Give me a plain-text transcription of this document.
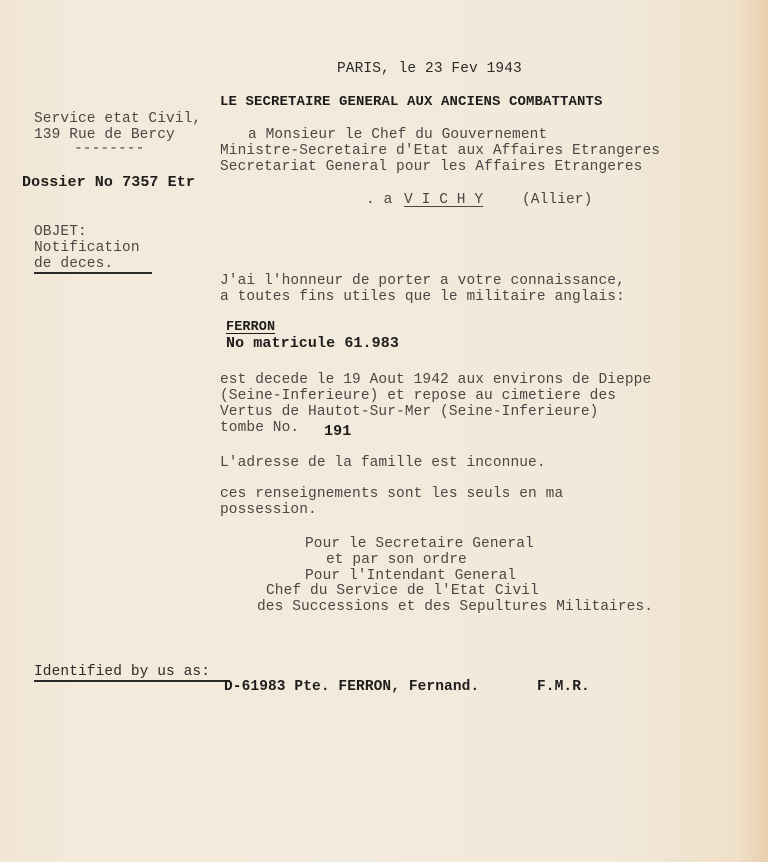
PARIS, le 23 Fev 1943
LE SECRETAIRE GENERAL AUX ANCIENS COMBATTANTS
Service etat Civil,
139 Rue de Bercy
--------
Dossier No 7357 Etr
OBJET:
Notification
de deces.
a Monsieur le Chef du Gouvernement
Ministre-Secretaire d'Etat aux Affaires Etrangeres
Secretariat General pour les Affaires Etrangeres
. a V I C H Y	(Allier)
J'ai l'honneur de porter a votre connaissance,
a toutes fins utiles que le militaire anglais:
FERRON
No matricule 61.983
est decede le 19 Aout 1942 aux environs de Dieppe
(Seine-Inferieure) et repose au cimetiere des
Vertus de Hautot-Sur-Mer (Seine-Inferieure)
tombe No. 191
L'adresse de la famille est inconnue.
ces renseignements sont les seuls en ma
possession.
Pour le Secretaire General
et par son ordre
Pour l'Intendant General
Chef du Service de l'Etat Civil
des Successions et des Sepultures Militaires.
Identified by us as:
D-61983 Pte. FERRON, Fernand.	F.M.R.
